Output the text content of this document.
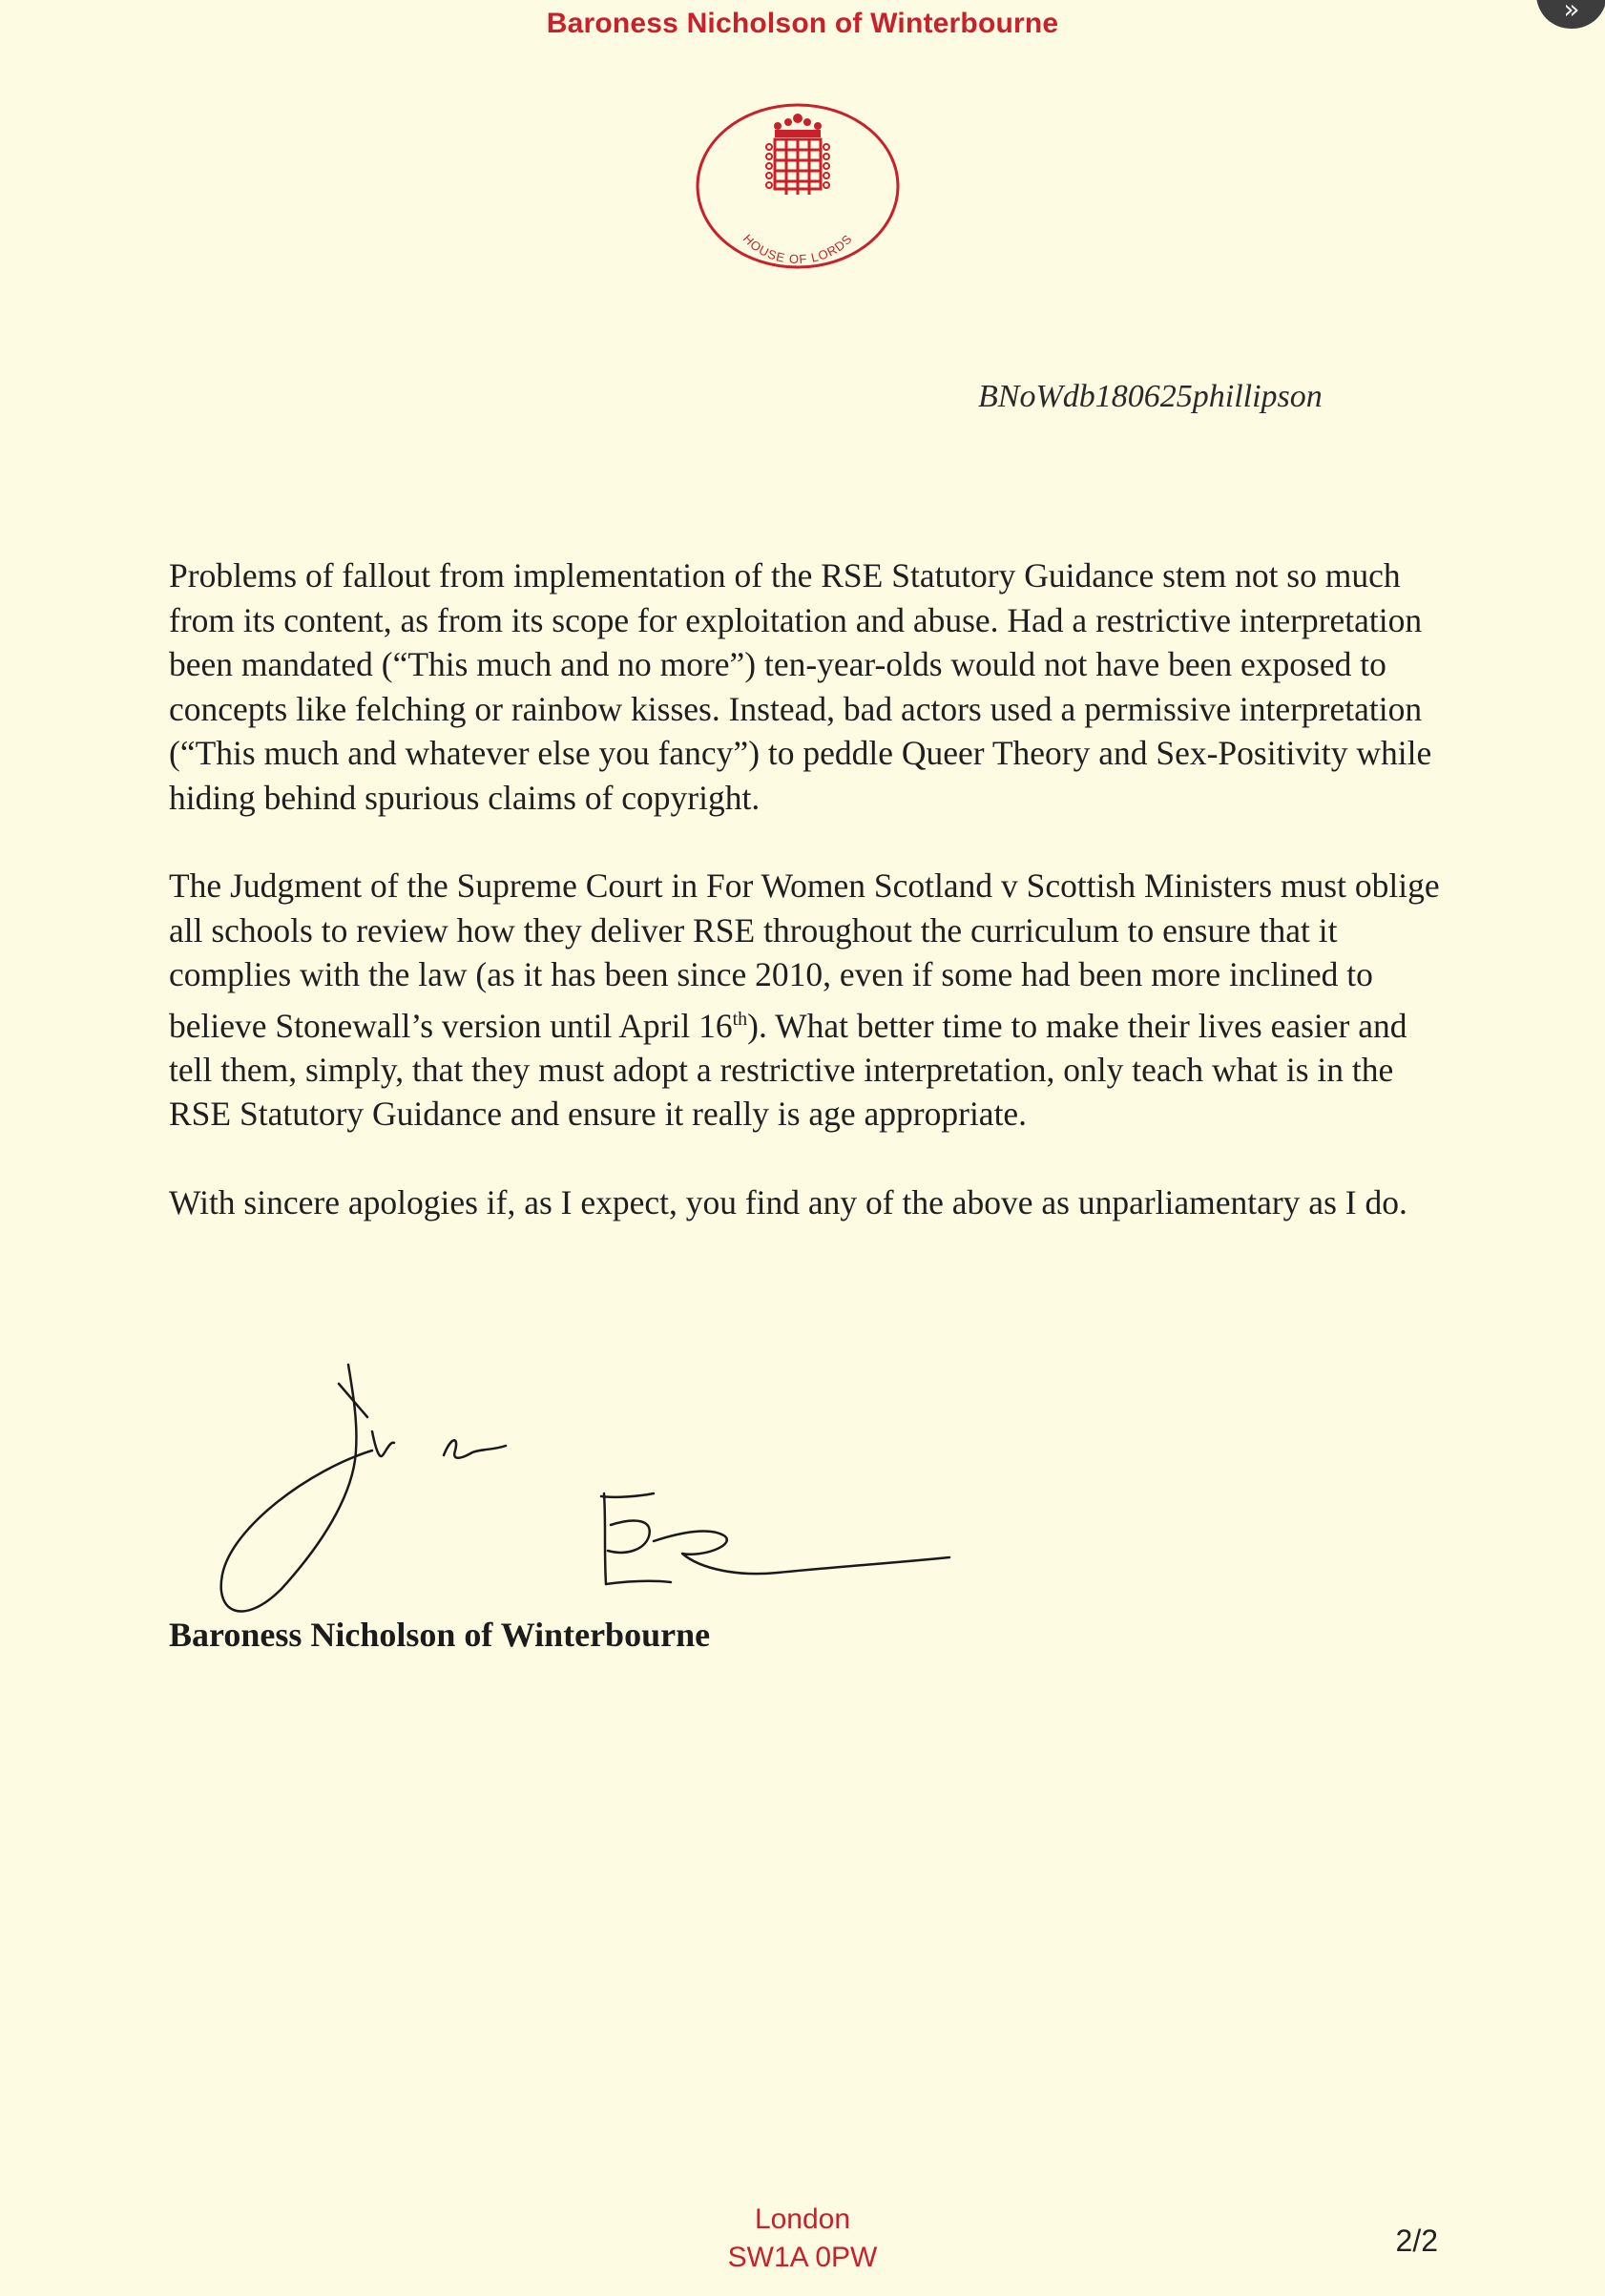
Baroness Nicholson of Winterbourne
HOUSE OF LORDS
BNoWdb180625phillipson

Problems of fallout from implementation of the RSE Statutory Guidance stem not so much from its content, as from its scope for exploitation and abuse. Had a restrictive interpretation been mandated (“This much and no more”) ten-year-olds would not have been exposed to concepts like felching or rainbow kisses. Instead, bad actors used a permissive interpretation (“This much and whatever else you fancy”) to peddle Queer Theory and Sex-Positivity while hiding behind spurious claims of copyright.

The Judgment of the Supreme Court in For Women Scotland v Scottish Ministers must oblige all schools to review how they deliver RSE throughout the curriculum to ensure that it complies with the law (as it has been since 2010, even if some had been more inclined to believe Stonewall’s version until April 16th). What better time to make their lives easier and tell them, simply, that they must adopt a restrictive interpretation, only teach what is in the RSE Statutory Guidance and ensure it really is age appropriate.

With sincere apologies if, as I expect, you find any of the above as unparliamentary as I do.

Baroness Nicholson of Winterbourne
London
SW1A 0PW	2/2
»
